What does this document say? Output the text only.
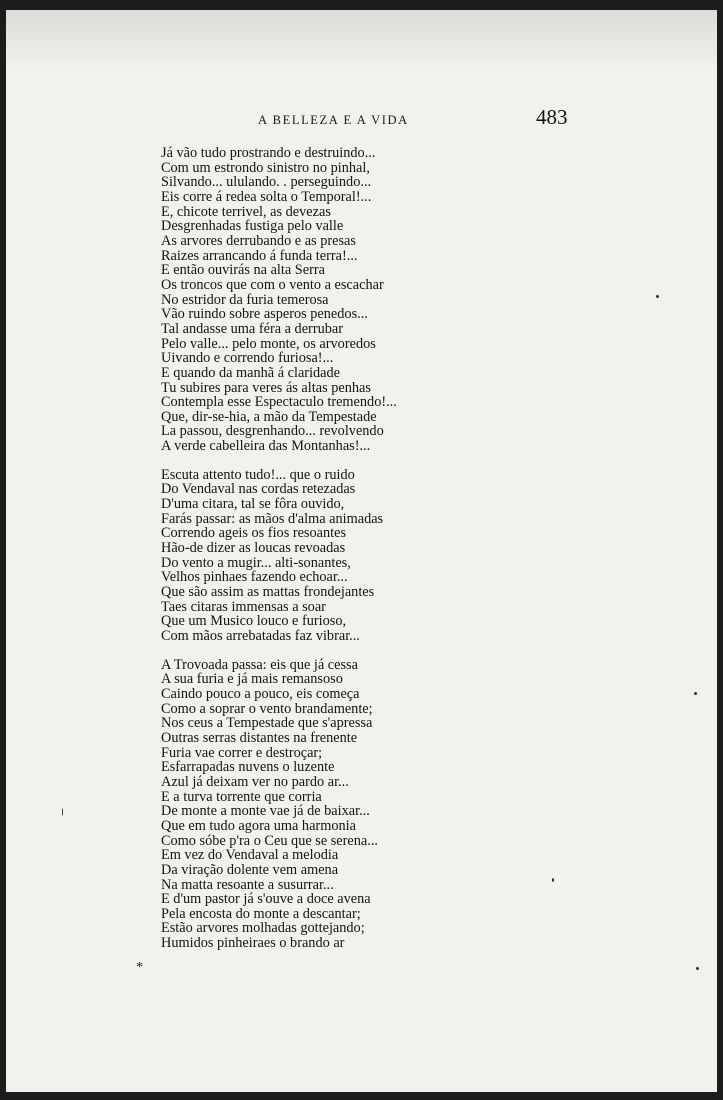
A BELLEZA E A VIDA	483
Já vão tudo prostrando e destruindo...
Com um estrondo sinistro no pinhal,
Silvando... ululando. . perseguindo...
Eis corre á redea solta o Temporal!...
E, chicote terrivel, as devezas
Desgrenhadas fustiga pelo valle
As arvores derrubando e as presas
Raizes arrancando á funda terra!...
E então ouvirás na alta Serra
Os troncos que com o vento a escachar
No estridor da furia temerosa
Vão ruindo sobre asperos penedos...
Tal andasse uma féra a derrubar
Pelo valle... pelo monte, os arvoredos
Uivando e correndo furiosa!...
E quando da manhã á claridade
Tu subires para veres ás altas penhas
Contempla esse Espectaculo tremendo!...
Que, dir-se-hia, a mão da Tempestade
La passou, desgrenhando... revolvendo
A verde cabelleira das Montanhas!...
Escuta attento tudo!... que o ruido
Do Vendaval nas cordas retezadas
D'uma citara, tal se fôra ouvido,
Farás passar: as mãos d'alma animadas
Correndo ageis os fios resoantes
Hão-de dizer as loucas revoadas
Do vento a mugir... alti-sonantes,
Velhos pinhaes fazendo echoar...
Que são assim as mattas frondejantes
Taes citaras immensas a soar
Que um Musico louco e furioso,
Com mãos arrebatadas faz vibrar...
A Trovoada passa: eis que já cessa
A sua furia e já mais remansoso
Caindo pouco a pouco, eis começa
Como a soprar o vento brandamente;
Nos ceus a Tempestade que s'apressa
Outras serras distantes na frenente
Furia vae correr e destroçar;
Esfarrapadas nuvens o luzente
Azul já deixam ver no pardo ar...
E a turva torrente que corria
De monte a monte vae já de baixar...
Que em tudo agora uma harmonia
Como sóbe p'ra o Ceu que se serena...
Em vez do Vendaval a melodia
Da viração dolente vem amena
Na matta resoante a susurrar...
E d'um pastor já s'ouve a doce avena
Pela encosta do monte a descantar;
Estão arvores molhadas gottejando;
Humidos pinheiraes o brando ar
*
